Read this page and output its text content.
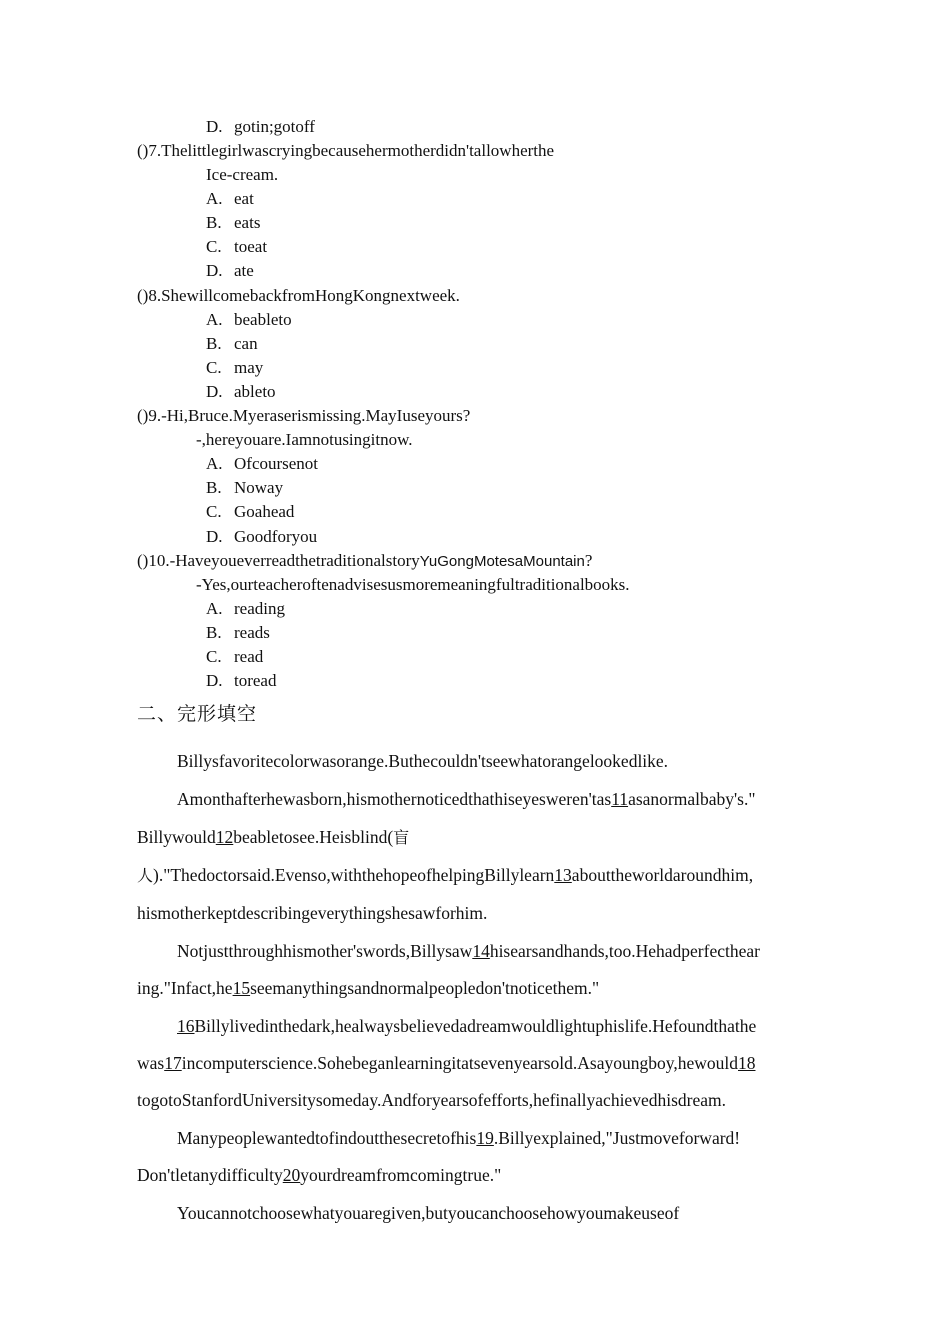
D. gotin;gotoff
()7.Thelittlegirlwascryingbecausehermotherdidn'tallowherthe
Ice-cream.
A. eat
B. eats
C. toeat
D. ate
()8.ShewillcomebackfromHongKongnextweek.
A. beableto
B. can
C. may
D. ableto
()9.-Hi,Bruce.Myeraserismissing.MayIuseyours?
-,hereyouare.Iamnotusingitnow.
A. Ofcoursenot
B. Noway
C. Goahead
D. Goodforyou
()10.-HaveyoueverreadthetraditionalstoryYuGongMotesaMountain?
-Yes,ourteacheroftenadvisesusmoremeaningfultraditionalbooks.
A. reading
B. reads
C. read
D. toread
二、完形填空
Billysfavoritecolorwasorange.Buthecouldn'tseewhatorangelookedlike.
Amonthafterhewasborn,hismothernoticedthathiseyesweren'tas11asanormalbaby's."
Billywould12beabletosee.Heisblind(盲
人)."Thedoctorsaid.Evenso,withthehopeofhelpingBillylearn13abouttheworldaroundhim,
hismotherkeptdescribingeverythingshesawforhim.
Notjustthroughhismother'swords,Billysaw14hisearsandhands,too.Hehadperfecthear
ing."Infact,he15seemanythingsandnormalpeopledon'tnoticethem."
16Billylivedinthedark,healwaysbelievedadreamwouldlightuphislife.Hefoundthathe
was17incomputerscience.Sohebeganlearningitatsevenyearsold.Asayoungboy,hewould18
togotoStanfordUniversitysomeday.Andforyearsofefforts,hefinallyachievedhisdream.
Manypeoplewantedtofindoutthesecretofhis19.Billyexplained,"Justmoveforward!
Don'tletanydifficulty20yourdreamfromcomingtrue."
Youcannotchoosewhatyouaregiven,butyoucanchoosehowyoumakeuseof
